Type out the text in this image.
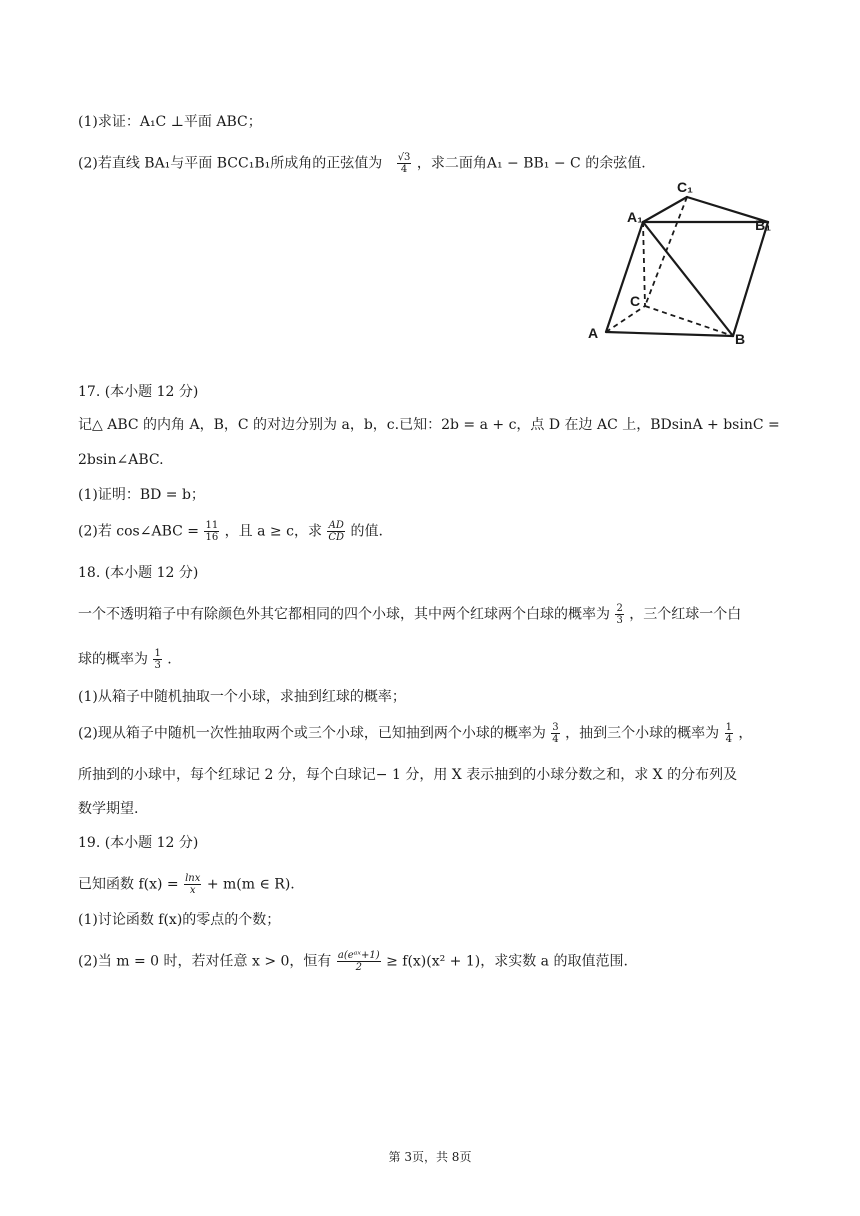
(1)求证：A₁C ⊥平面 ABC；
(2)若直线 BA₁与平面 BCC₁B₁所成角的正弦值为 $\frac{√3}{4}$ ，求二面角A₁ − BB₁ − C 的余弦值.
A₁
C₁
B₁
C
A	B
17. (本小题 12 分)
记△ ABC 的内角 A，B，C 的对边分别为 a，b，c.已知：2b = a + c，点 D 在边 AC 上，BDsinA + bsinC =
2bsin∠ABC.
(1)证明：BD = b；
(2)若 cos∠ABC = $\frac{11}{16}$ ，且 a ≥ c，求 $\frac{AD}{CD}$ 的值.
18. (本小题 12 分)
一个不透明箱子中有除颜色外其它都相同的四个小球，其中两个红球两个白球的概率为 $\frac{2}{3}$ ，三个红球一个白
球的概率为 $\frac{1}{3}$ .
(1)从箱子中随机抽取一个小球，求抽到红球的概率；
(2)现从箱子中随机一次性抽取两个或三个小球，已知抽到两个小球的概率为 $\frac{3}{4}$ ，抽到三个小球的概率为 $\frac{1}{4}$ ，
所抽到的小球中，每个红球记 2 分，每个白球记− 1 分，用 X 表示抽到的小球分数之和，求 X 的分布列及
数学期望.
19. (本小题 12 分)
已知函数 $f(x) = \frac{\ln x}{x} + m(m$ ∈ R).
(1)讨论函数 f(x)的零点的个数；
(2)当 m = 0 时，若对任意 x > 0，恒有 $\frac{\text{a(eᵃˣ+1)}}{2} \ge f(x)(x^2 + 1)$，求实数 a 的取值范围.
第 3页，共 8页
